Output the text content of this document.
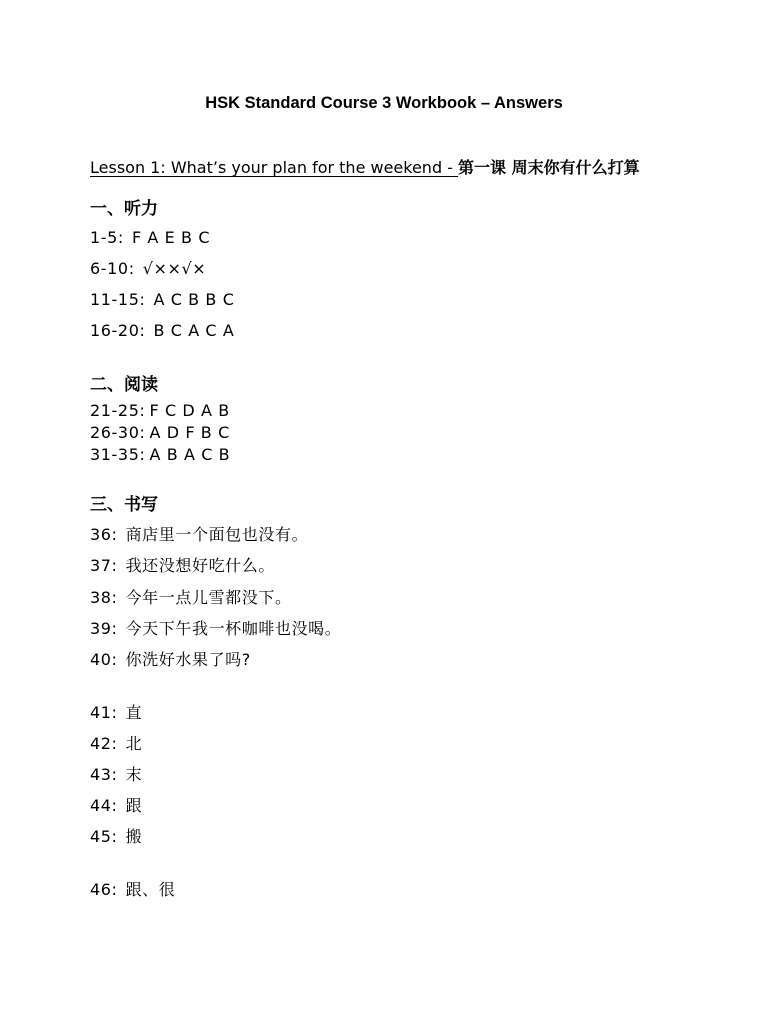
HSK Standard Course 3 Workbook – Answers
Lesson 1: What’s your plan for the weekend - 第一课 周末你有什么打算
一、听力
1-5: F A E B C
6-10: √××√×
11-15: A C B B C
16-20: B C A C A
二、阅读
21-25: F C D A B
26-30: A D F B C
31-35: A B A C B
三、书写
36: 商店里一个面包也没有。
37: 我还没想好吃什么。
38: 今年一点儿雪都没下。
39: 今天下午我一杯咖啡也没喝。
40: 你洗好水果了吗?
41: 直
42: 北
43: 末
44: 跟
45: 搬
46: 跟、很
